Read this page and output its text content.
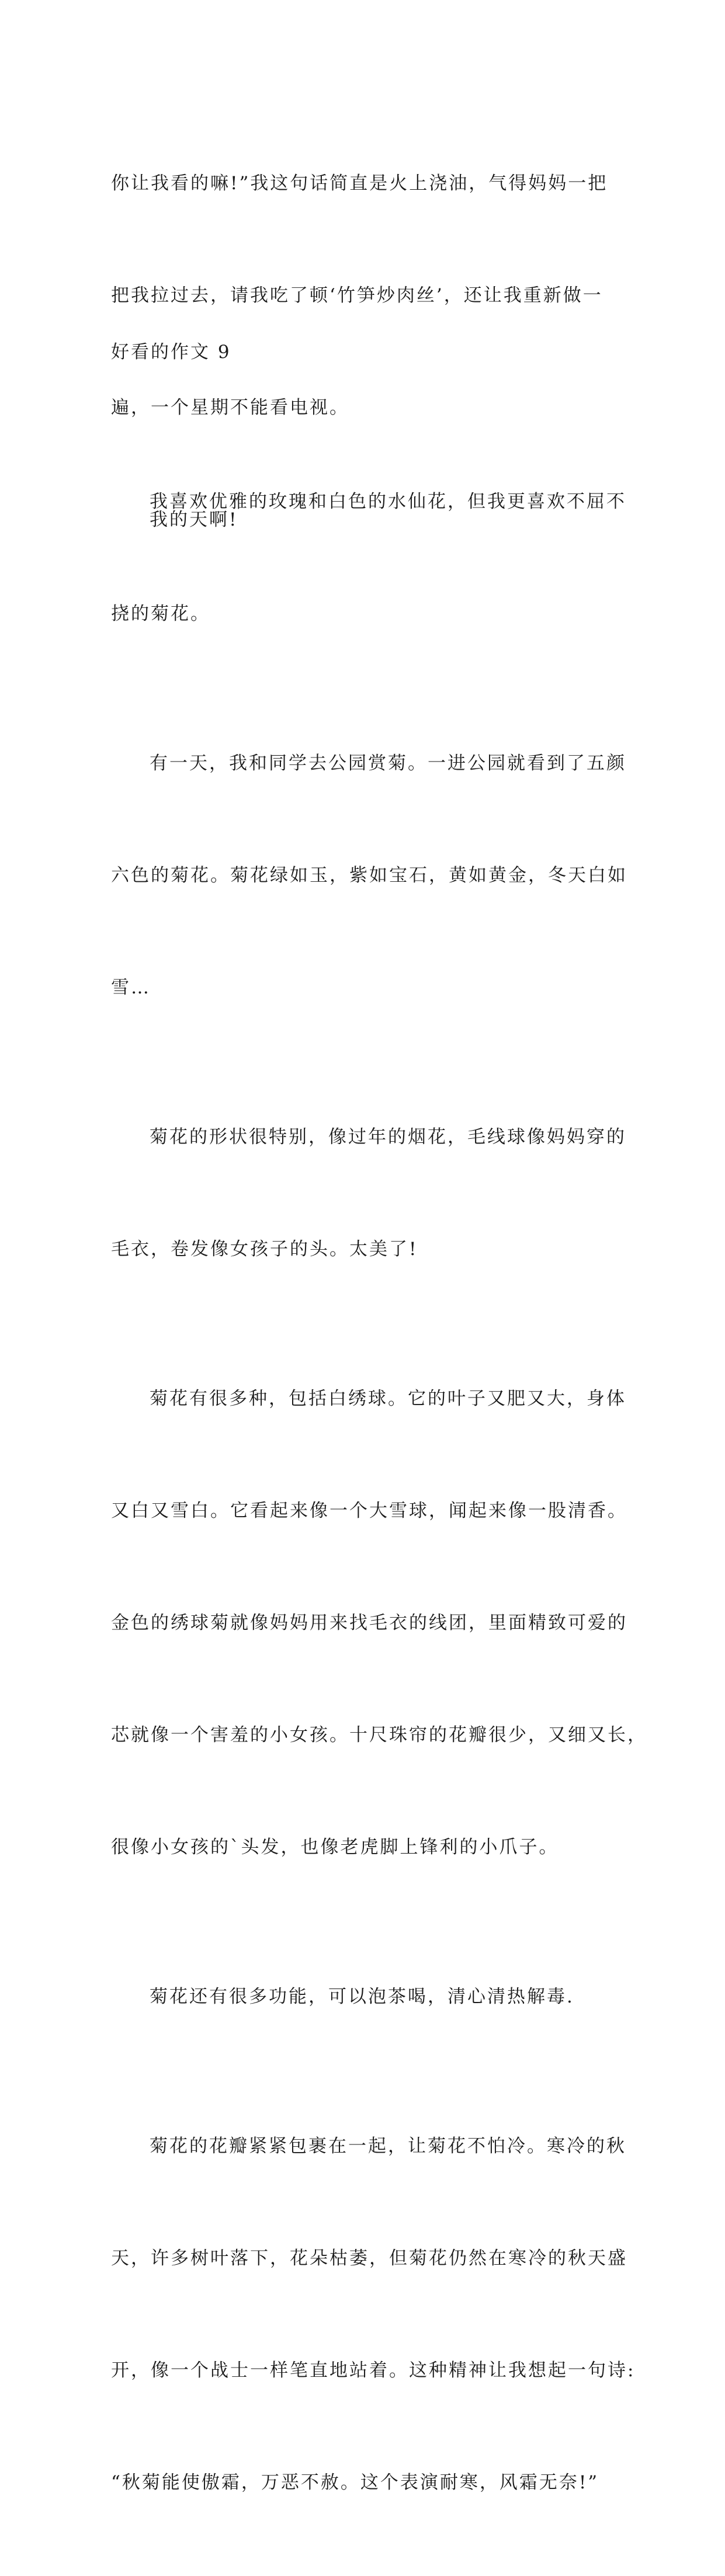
你让我看的嘛!”我这句话简直是火上浇油，气得妈妈一把

把我拉过去，请我吃了顿‘竹笋炒肉丝’，还让我重新做一

遍，一个星期不能看电视。

我的天啊!

好看的作文 9

我喜欢优雅的玫瑰和白色的水仙花，但我更喜欢不屈不

挠的菊花。

有一天，我和同学去公园赏菊。一进公园就看到了五颜

六色的菊花。菊花绿如玉，紫如宝石，黄如黄金，冬天白如

雪…

菊花的形状很特别，像过年的烟花，毛线球像妈妈穿的

毛衣，卷发像女孩子的头。太美了!

菊花有很多种，包括白绣球。它的叶子又肥又大，身体

又白又雪白。它看起来像一个大雪球，闻起来像一股清香。

金色的绣球菊就像妈妈用来找毛衣的线团，里面精致可爱的

芯就像一个害羞的小女孩。十尺珠帘的花瓣很少，又细又长，

很像小女孩的`头发，也像老虎脚上锋利的小爪子。

菊花还有很多功能，可以泡茶喝，清心清热解毒.

菊花的花瓣紧紧包裹在一起，让菊花不怕冷。寒冷的秋

天，许多树叶落下，花朵枯萎，但菊花仍然在寒冷的秋天盛

开，像一个战士一样笔直地站着。这种精神让我想起一句诗:

“秋菊能使傲霜，万恶不赦。这个表演耐寒，风霜无奈!”
